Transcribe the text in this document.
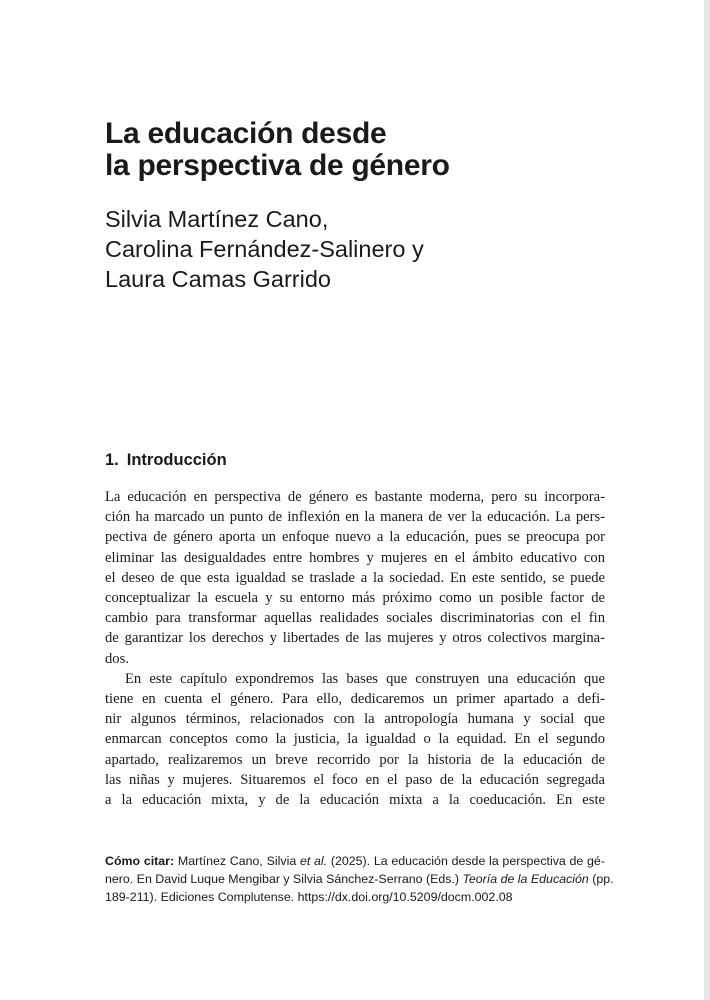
La educación desde
la perspectiva de género
Silvia Martínez Cano,
Carolina Fernández-Salinero y
Laura Camas Garrido
1. Introducción
La educación en perspectiva de género es bastante moderna, pero su incorpora-
ción ha marcado un punto de inflexión en la manera de ver la educación. La pers-
pectiva de género aporta un enfoque nuevo a la educación, pues se preocupa por
eliminar las desigualdades entre hombres y mujeres en el ámbito educativo con
el deseo de que esta igualdad se traslade a la sociedad. En este sentido, se puede
conceptualizar la escuela y su entorno más próximo como un posible factor de
cambio para transformar aquellas realidades sociales discriminatorias con el fin
de garantizar los derechos y libertades de las mujeres y otros colectivos margina-
dos.
En este capítulo expondremos las bases que construyen una educación que
tiene en cuenta el género. Para ello, dedicaremos un primer apartado a defi-
nir algunos términos, relacionados con la antropología humana y social que
enmarcan conceptos como la justicia, la igualdad o la equidad. En el segundo
apartado, realizaremos un breve recorrido por la historia de la educación de
las niñas y mujeres. Situaremos el foco en el paso de la educación segregada
a la educación mixta, y de la educación mixta a la coeducación. En este
Cómo citar: Martínez Cano, Silvia et al. (2025). La educación desde la perspectiva de gé-
nero. En David Luque Mengibar y Silvia Sánchez-Serrano (Eds.) Teoría de la Educación (pp.
189-211). Ediciones Complutense. https://dx.doi.org/10.5209/docm.002.08
